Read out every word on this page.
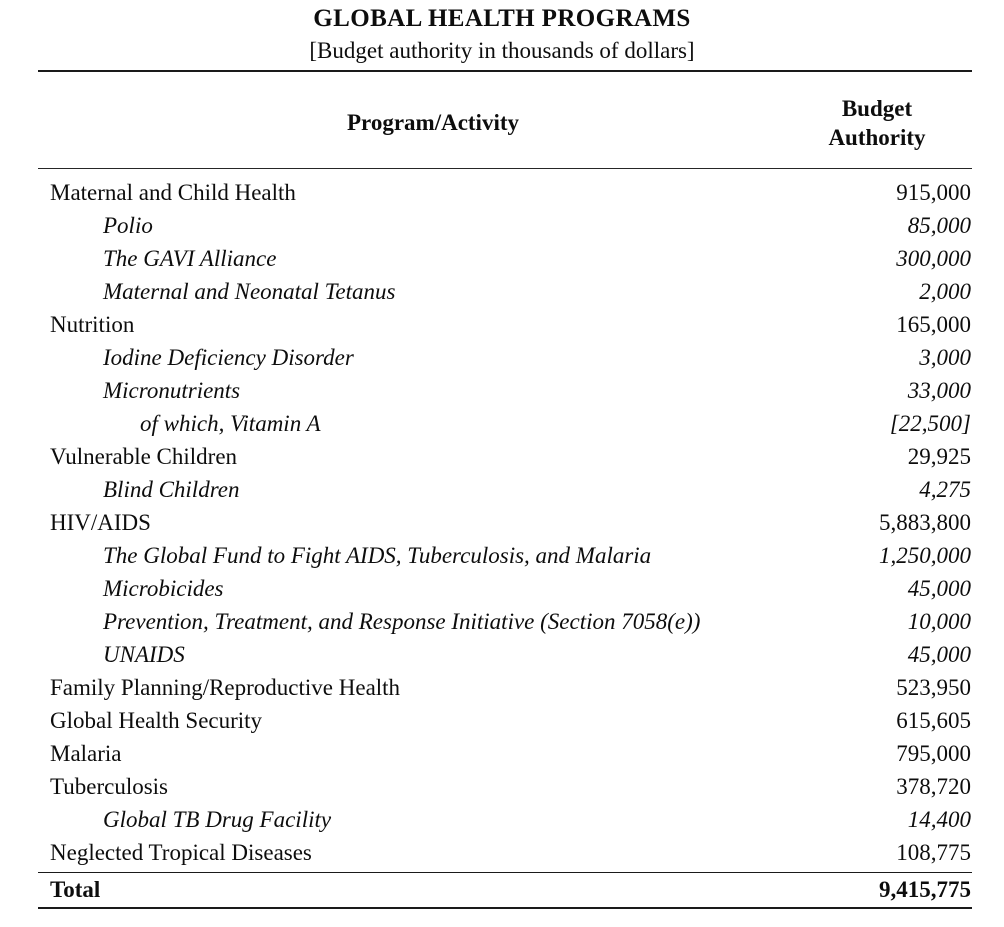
GLOBAL HEALTH PROGRAMS
[Budget authority in thousands of dollars]
Program/Activity
Budget
Authority
Maternal and Child Health	915,000
Polio	85,000
The GAVI Alliance	300,000
Maternal and Neonatal Tetanus	2,000
Nutrition	165,000
Iodine Deficiency Disorder	3,000
Micronutrients	33,000
of which, Vitamin A	[22,500]
Vulnerable Children	29,925
Blind Children	4,275
HIV/AIDS	5,883,800
The Global Fund to Fight AIDS, Tuberculosis, and Malaria	1,250,000
Microbicides	45,000
Prevention, Treatment, and Response Initiative (Section 7058(e))	10,000
UNAIDS	45,000
Family Planning/Reproductive Health	523,950
Global Health Security	615,605
Malaria	795,000
Tuberculosis	378,720
Global TB Drug Facility	14,400
Neglected Tropical Diseases	108,775
Total	9,415,775
